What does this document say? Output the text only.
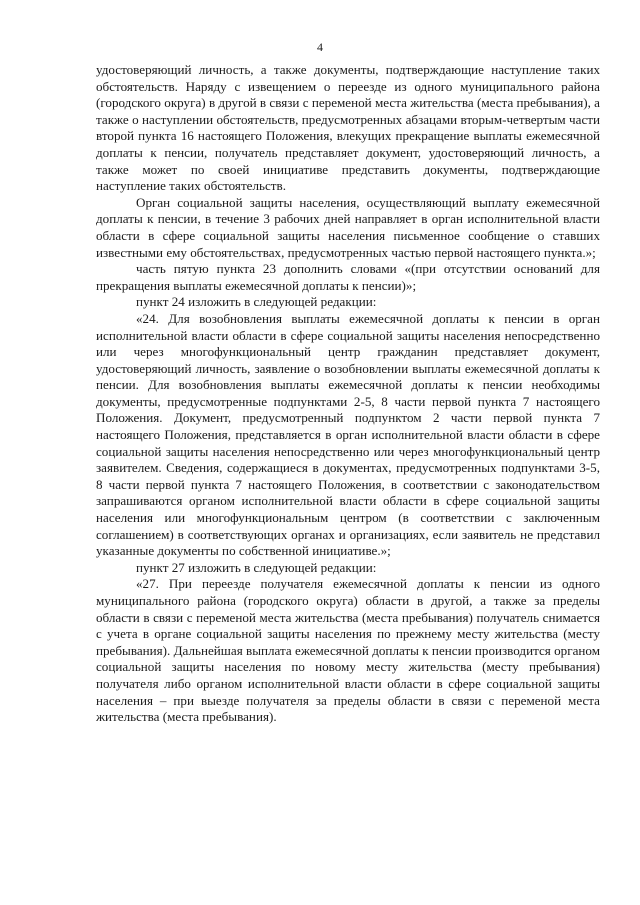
4

удостоверяющий личность, а также документы, подтверждающие наступление таких обстоятельств. Наряду с извещением о переезде из одного муниципального района (городского округа) в другой в связи с переменой места жительства (места пребывания), а также о наступлении обстоятельств, предусмотренных абзацами вторым-четвертым части второй пункта 16 настоящего Положения, влекущих прекращение выплаты ежемесячной доплаты к пенсии, получатель представляет документ, удостоверяющий личность, а также может по своей инициативе представить документы, подтверждающие наступление таких обстоятельств.

Орган социальной защиты населения, осуществляющий выплату ежемесячной доплаты к пенсии, в течение 3 рабочих дней направляет в орган исполнительной власти области в сфере социальной защиты населения письменное сообщение о ставших известными ему обстоятельствах, предусмотренных частью первой настоящего пункта.»;

часть пятую пункта 23 дополнить словами «(при отсутствии оснований для прекращения выплаты ежемесячной доплаты к пенсии)»;

пункт 24 изложить в следующей редакции:

«24. Для возобновления выплаты ежемесячной доплаты к пенсии в орган исполнительной власти области в сфере социальной защиты населения непосредственно или через многофункциональный центр гражданин представляет документ, удостоверяющий личность, заявление о возобновлении выплаты ежемесячной доплаты к пенсии. Для возобновления выплаты ежемесячной доплаты к пенсии необходимы документы, предусмотренные подпунктами 2-5, 8 части первой пункта 7 настоящего Положения. Документ, предусмотренный подпунктом 2 части первой пункта 7 настоящего Положения, представляется в орган исполнительной власти области в сфере социальной защиты населения непосредственно или через многофункциональный центр заявителем. Сведения, содержащиеся в документах, предусмотренных подпунктами 3-5, 8 части первой пункта 7 настоящего Положения, в соответствии с законодательством запрашиваются органом исполнительной власти области в сфере социальной защиты населения или многофункциональным центром (в соответствии с заключенным соглашением) в соответствующих органах и организациях, если заявитель не представил указанные документы по собственной инициативе.»;

пункт 27 изложить в следующей редакции:

«27. При переезде получателя ежемесячной доплаты к пенсии из одного муниципального района (городского округа) области в другой, а также за пределы области в связи с переменой места жительства (места пребывания) получатель снимается с учета в органе социальной защиты населения по прежнему месту жительства (месту пребывания). Дальнейшая выплата ежемесячной доплаты к пенсии производится органом социальной защиты населения по новому месту жительства (месту пребывания) получателя либо органом исполнительной власти области в сфере социальной защиты населения – при выезде получателя за пределы области в связи с переменой места жительства (места пребывания).
